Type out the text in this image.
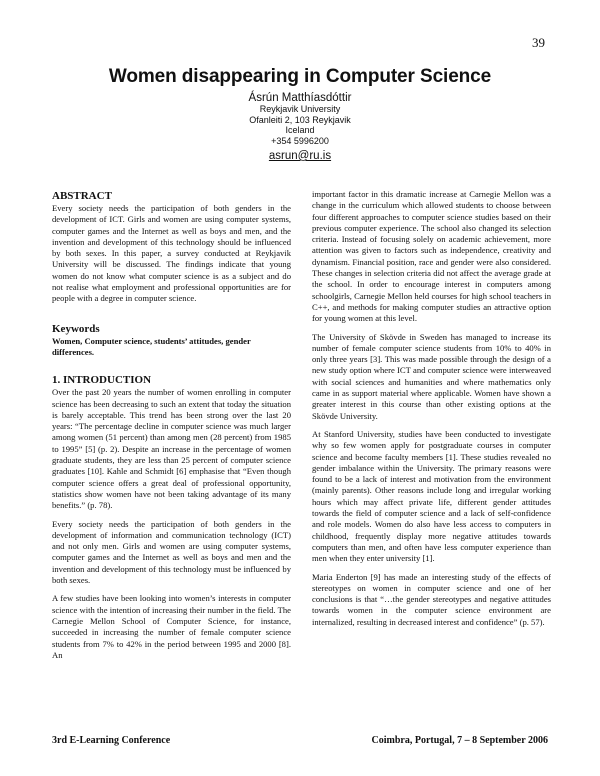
39
Women disappearing in Computer Science
Ásrún Matthíasdóttir
Reykjavik University
Ofanleiti 2, 103 Reykjavik
Iceland
+354 5996200
asrun@ru.is
ABSTRACT

Every society needs the participation of both genders in the development of ICT. Girls and women are using computer systems, computer games and the Internet as well as boys and men, and the invention and development of this technology should be influenced by both sexes. In this paper, a survey conducted at Reykjavik University will be discussed. The findings indicate that young women do not know what computer science is as a subject and do not realise what employment and professional opportunities are for people with a degree in computer science.

Keywords

Women, Computer science, students’ attitudes, gender differences.

1. INTRODUCTION

Over the past 20 years the number of women enrolling in computer science has been decreasing to such an extent that today the situation is barely acceptable. This trend has been strong over the last 20 years: “The percentage decline in computer science was much larger among women (51 percent) than among men (28 percent) from 1985 to 1995” [5] (p. 2). Despite an increase in the percentage of women graduate students, they are less than 25 percent of computer science graduates [10]. Kahle and Schmidt [6] emphasise that “Even though computer science offers a great deal of professional opportunity, statistics show women have not been taking advantage of its many benefits.” (p. 78).

Every society needs the participation of both genders in the development of information and communication technology (ICT) and not only men. Girls and women are using computer systems, computer games and the Internet as well as boys and men and the invention and development of this technology must be influenced by both sexes.

A few studies have been looking into women’s interests in computer science with the intention of increasing their number in the field. The Carnegie Mellon School of Computer Science, for instance, succeeded in increasing the number of female computer science students from 7% to 42% in the period between 1995 and 2000 [8]. An

important factor in this dramatic increase at Carnegie Mellon was a change in the curriculum which allowed students to choose between four different approaches to computer science studies based on their previous computer experience. The school also changed its selection criteria. Instead of focusing solely on academic achievement, more attention was given to factors such as independence, creativity and dynamism. Financial position, race and gender were also considered. These changes in selection criteria did not affect the average grade at the school. In order to encourage interest in computers among schoolgirls, Carnegie Mellon held courses for high school teachers in C++, and methods for making computer studies an attractive option for young women at this level.

The University of Skövde in Sweden has managed to increase its number of female computer science students from 10% to 40% in only three years [3]. This was made possible through the design of a new study option where ICT and computer science were interweaved with social sciences and humanities and where mathematics only came in as support material where applicable. Women have shown a greater interest in this course than other existing options at the Skövde University.

At Stanford University, studies have been conducted to investigate why so few women apply for postgraduate courses in computer science and become faculty members [1]. These studies revealed no gender imbalance within the University. The primary reasons were found to be a lack of interest and motivation from the environment (mainly parents). Other reasons include long and irregular working hours which may affect private life, different gender attitudes towards the field of computer science and a lack of self-confidence and role models. Women do also have less access to computers in childhood, frequently display more negative attitudes towards computers than men, and often have less computer experience than men when they enter university [1].

Maria Enderton [9] has made an interesting study of the effects of stereotypes on women in computer science and one of her conclusions is that “…the gender stereotypes and negative attitudes towards women in the computer science environment are internalized, resulting in decreased interest and confidence” (p. 57).

3rd E-Learning Conference	Coimbra, Portugal, 7 – 8 September 2006
